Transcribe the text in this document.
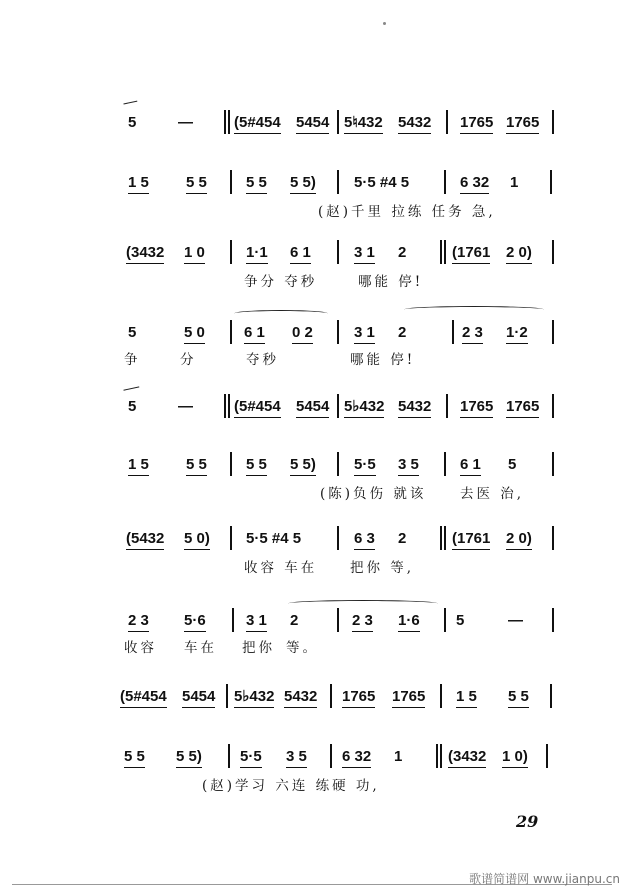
5	—	(5#454 5454 5♮432 5432 1765 1765
1 5 5 5	5 5 5 5)	5·5 #4 5	6 32 1
(赵)千里 拉练 任务 急,
(3432 1 0	1·1 6 1	3 1 2	(1761 2 0)
争分 夺秒	哪能 停!
5	5 0	6 1 0 2	3 1 2	2 3 1·2
争	分	夺秒	哪能 停!
5	—	(5#454 5454 5♭432 5432 1765 1765
1 5 5 5	5 5 5 5)	5·5 3 5	6 1 5
(陈)负伤 就该 去医 治,
(5432 5 0) 5·5 #4 5	6 3 2	(1761 2 0)
收容 车在 把你 等,
2 3 5·6	3 1 2	2 3 1·6 5	—
收容 车在 把你 等。
(5#454 5454 5♭432 5432 1765 1765 1 5 5 5
5 5 5 5)	5·5 3 5 6 32 1	(3432 1 0)
(赵)学习 六连 练硬 功,
29
歌谱简谱网 www.jianpu.cn
